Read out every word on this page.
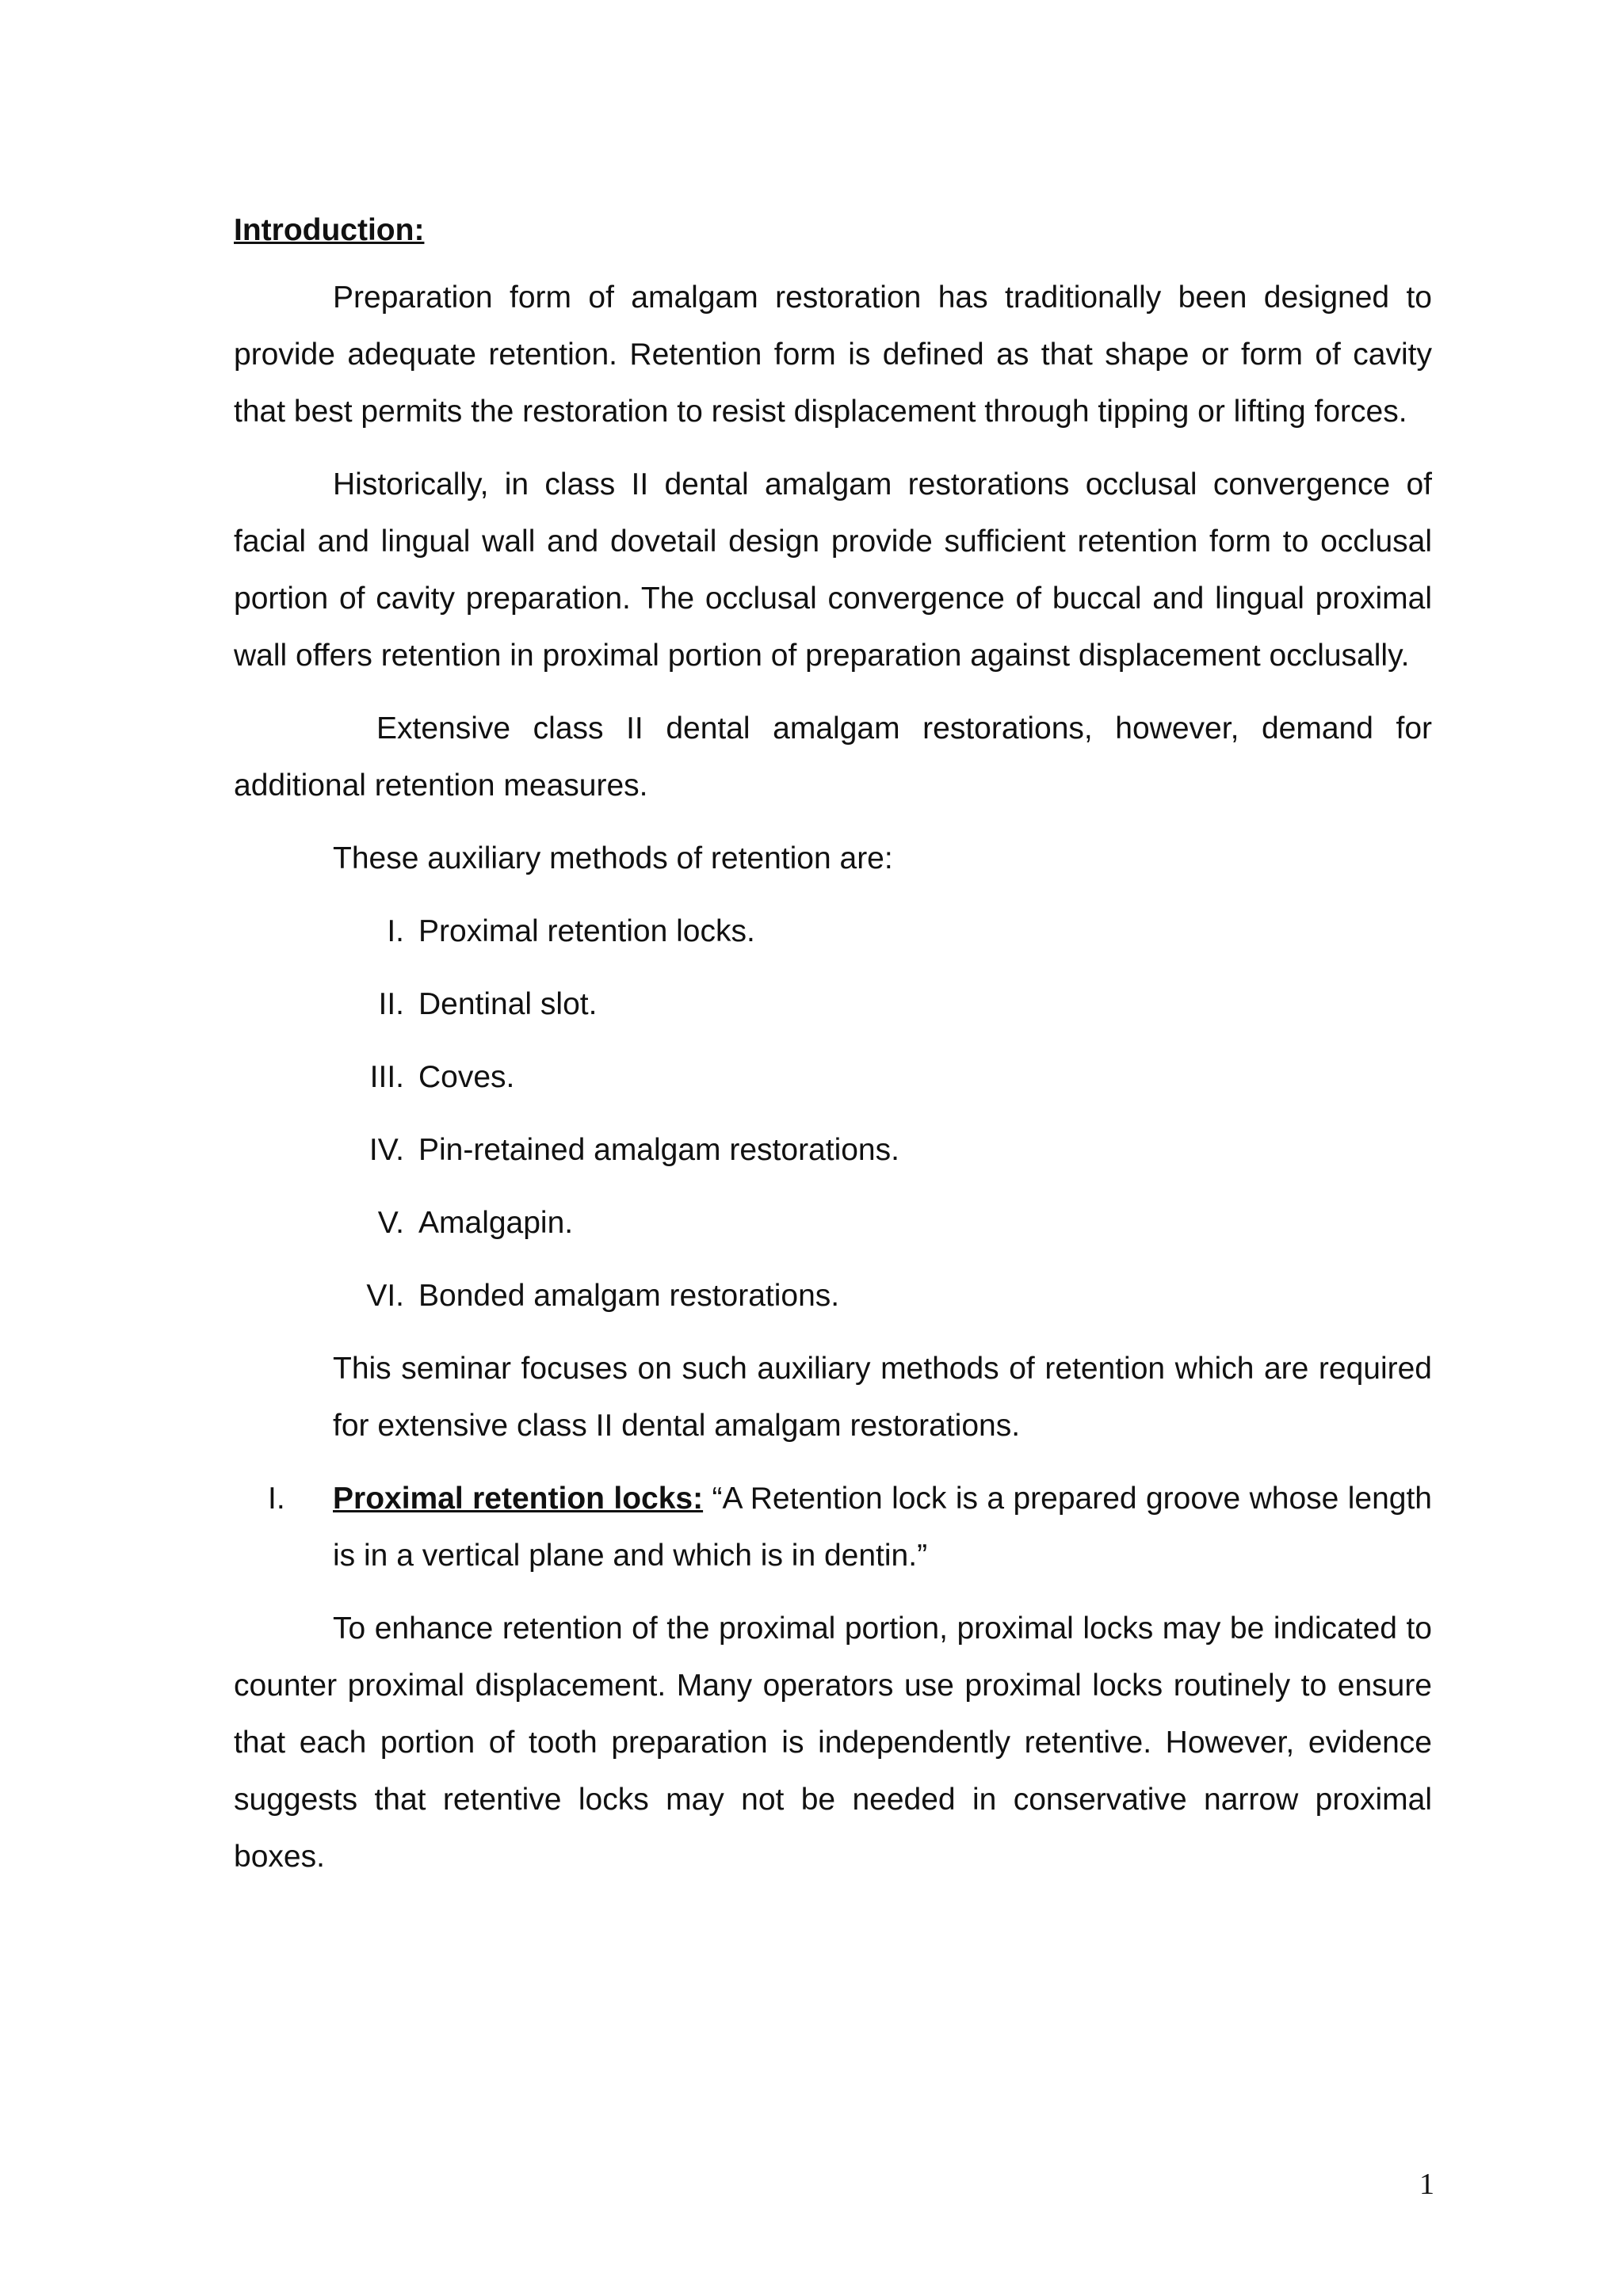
Introduction:

Preparation form of amalgam restoration has traditionally been designed to provide adequate retention. Retention form is defined as that shape or form of cavity that best permits the restoration to resist displacement through tipping or lifting forces.

Historically, in class II dental amalgam restorations occlusal convergence of facial and lingual wall and dovetail design provide sufficient retention form to occlusal portion of cavity preparation. The occlusal convergence of buccal and lingual proximal wall offers retention in proximal portion of preparation against displacement occlusally.

Extensive class II dental amalgam restorations, however, demand for additional retention measures.

These auxiliary methods of retention are:

I. Proximal retention locks.
II. Dentinal slot.
III. Coves.
IV. Pin-retained amalgam restorations.
V. Amalgapin.
VI. Bonded amalgam restorations.

This seminar focuses on such auxiliary methods of retention which are required for extensive class II dental amalgam restorations.

I.	Proximal retention locks: “A Retention lock is a prepared groove whose length is in a vertical plane and which is in dentin.”

To enhance retention of the proximal portion, proximal locks may be indicated to counter proximal displacement. Many operators use proximal locks routinely to ensure that each portion of tooth preparation is independently retentive. However, evidence suggests that retentive locks may not be needed in conservative narrow proximal boxes.

1
